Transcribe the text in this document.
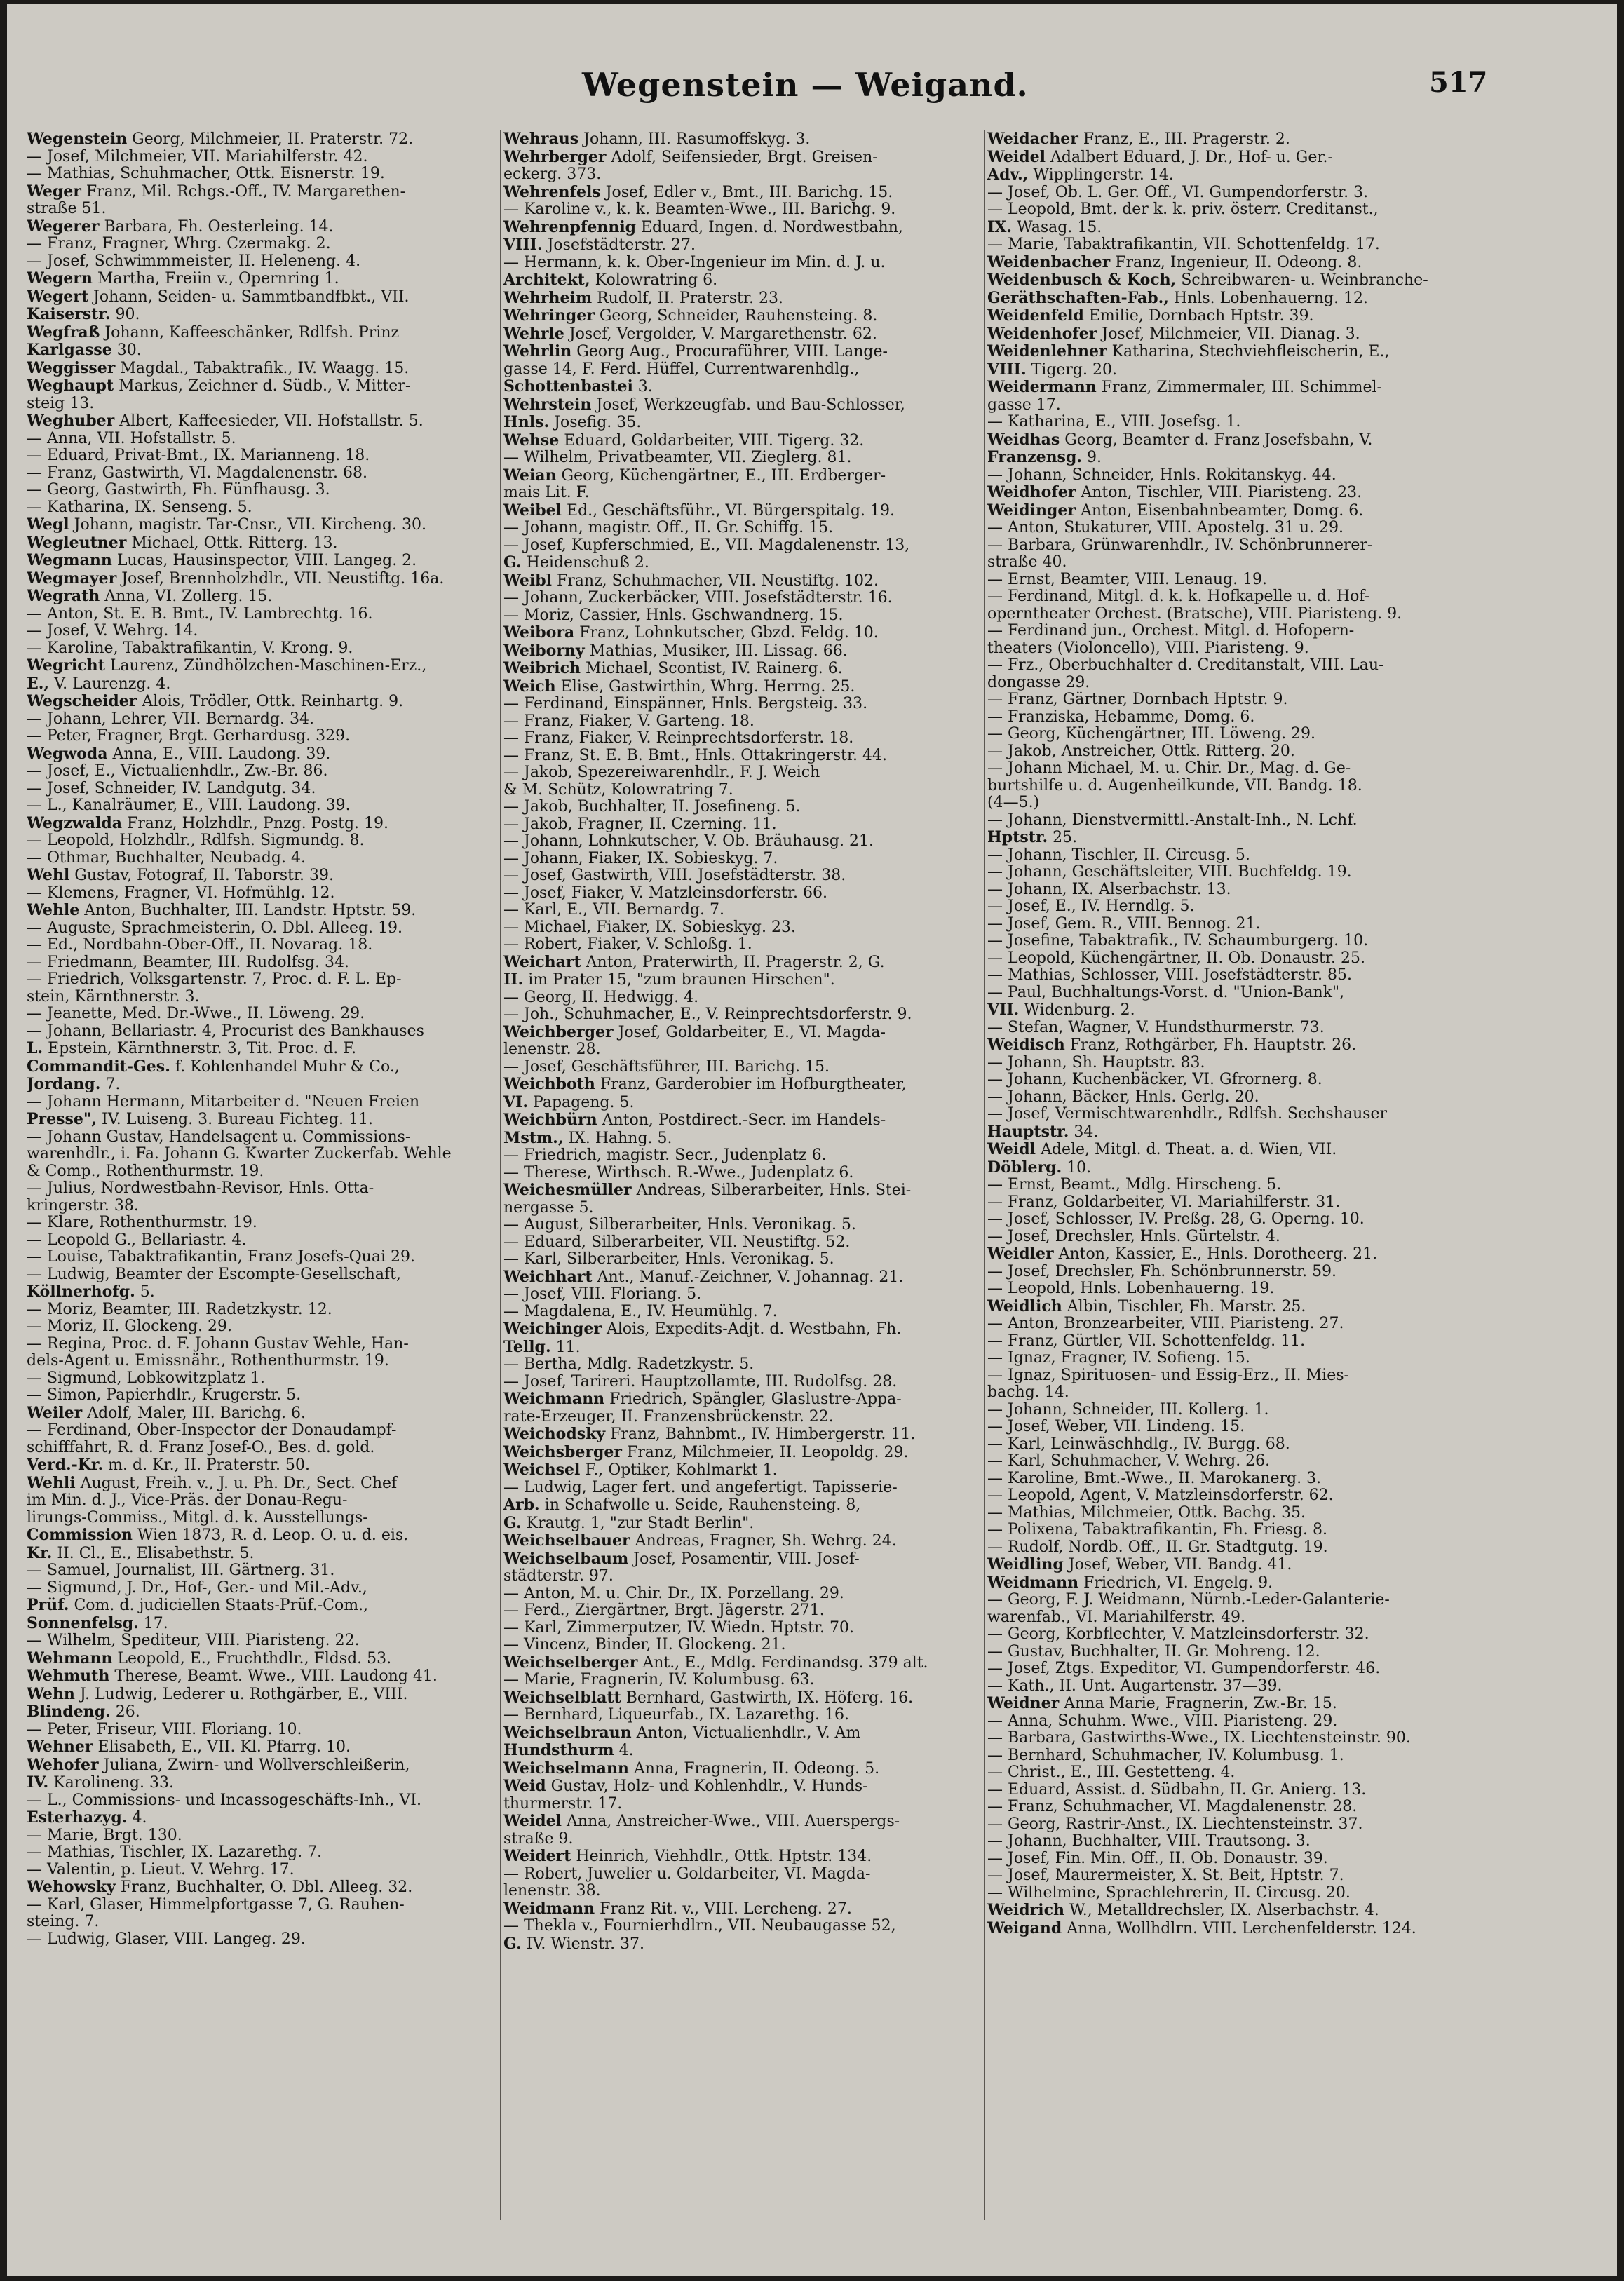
Wegenstein — Weigand.	517
Wegenstein Georg, Milchmeier, II. Praterstr. 72.
— Josef, Milchmeier, VII. Mariahilferstr. 42.
— Mathias, Schuhmacher, Ottk. Eisnerstr. 19.
Weger Franz, Mil. Rchgs.-Off., IV. Margarethen-
straße 51.
Wegerer Barbara, Fh. Oesterleing. 14.
— Franz, Fragner, Whrg. Czermakg. 2.
— Josef, Schwimmmeister, II. Heleneng. 4.
Wegern Martha, Freiin v., Opernring 1.
Wegert Johann, Seiden- u. Sammtbandfbkt., VII.
Kaiserstr. 90.
Wegfraß Johann, Kaffeeschänker, Rdlfsh. Prinz
Karlgasse 30.
Weggisser Magdal., Tabaktrafik., IV. Waagg. 15.
Weghaupt Markus, Zeichner d. Südb., V. Mitter-
steig 13.
Weghuber Albert, Kaffeesieder, VII. Hofstallstr. 5.
— Anna, VII. Hofstallstr. 5.
— Eduard, Privat-Bmt., IX. Marianneng. 18.
— Franz, Gastwirth, VI. Magdalenenstr. 68.
— Georg, Gastwirth, Fh. Fünfhausg. 3.
— Katharina, IX. Senseng. 5.
Wegl Johann, magistr. Tar-Cnsr., VII. Kircheng. 30.
Wegleutner Michael, Ottk. Ritterg. 13.
Wegmann Lucas, Hausinspector, VIII. Langeg. 2.
Wegmayer Josef, Brennholzhdlr., VII. Neustiftg. 16a.
Wegrath Anna, VI. Zollerg. 15.
— Anton, St. E. B. Bmt., IV. Lambrechtg. 16.
— Josef, V. Wehrg. 14.
— Karoline, Tabaktrafikantin, V. Krong. 9.
Wegricht Laurenz, Zündhölzchen-Maschinen-Erz.,
E., V. Laurenzg. 4.
Wegscheider Alois, Trödler, Ottk. Reinhartg. 9.
— Johann, Lehrer, VII. Bernardg. 34.
— Peter, Fragner, Brgt. Gerhardusg. 329.
Wegwoda Anna, E., VIII. Laudong. 39.
— Josef, E., Victualienhdlr., Zw.-Br. 86.
— Josef, Schneider, IV. Landgutg. 34.
— L., Kanalräumer, E., VIII. Laudong. 39.
Wegzwalda Franz, Holzhdlr., Pnzg. Postg. 19.
— Leopold, Holzhdlr., Rdlfsh. Sigmundg. 8.
— Othmar, Buchhalter, Neubadg. 4.
Wehl Gustav, Fotograf, II. Taborstr. 39.
— Klemens, Fragner, VI. Hofmühlg. 12.
Wehle Anton, Buchhalter, III. Landstr. Hptstr. 59.
— Auguste, Sprachmeisterin, O. Dbl. Alleeg. 19.
— Ed., Nordbahn-Ober-Off., II. Novarag. 18.
— Friedmann, Beamter, III. Rudolfsg. 34.
— Friedrich, Volksgartenstr. 7, Proc. d. F. L. Ep-
stein, Kärnthnerstr. 3.
— Jeanette, Med. Dr.-Wwe., II. Löweng. 29.
— Johann, Bellariastr. 4, Procurist des Bankhauses
L. Epstein, Kärnthnerstr. 3, Tit. Proc. d. F.
Commandit-Ges. f. Kohlenhandel Muhr & Co.,
Jordang. 7.
— Johann Hermann, Mitarbeiter d. "Neuen Freien
Presse", IV. Luiseng. 3. Bureau Fichteg. 11.
— Johann Gustav, Handelsagent u. Commissions-
warenhdlr., i. Fa. Johann G. Kwarter Zuckerfab. Wehle
& Comp., Rothenthurmstr. 19.
— Julius, Nordwestbahn-Revisor, Hnls. Otta-
kringerstr. 38.
— Klare, Rothenthurmstr. 19.
— Leopold G., Bellariastr. 4.
— Louise, Tabaktrafikantin, Franz Josefs-Quai 29.
— Ludwig, Beamter der Escompte-Gesellschaft,
Köllnerhofg. 5.
— Moriz, Beamter, III. Radetzkystr. 12.
— Moriz, II. Glockeng. 29.
— Regina, Proc. d. F. Johann Gustav Wehle, Han-
dels-Agent u. Emissnähr., Rothenthurmstr. 19.
— Sigmund, Lobkowitzplatz 1.
— Simon, Papierhdlr., Krugerstr. 5.
Weiler Adolf, Maler, III. Barichg. 6.
— Ferdinand, Ober-Inspector der Donaudampf-
schifffahrt, R. d. Franz Josef-O., Bes. d. gold.
Verd.-Kr. m. d. Kr., II. Praterstr. 50.
Wehli August, Freih. v., J. u. Ph. Dr., Sect. Chef
im Min. d. J., Vice-Präs. der Donau-Regu-
lirungs-Commiss., Mitgl. d. k. Ausstellungs-
Commission Wien 1873, R. d. Leop. O. u. d. eis.
Kr. II. Cl., E., Elisabethstr. 5.
— Samuel, Journalist, III. Gärtnerg. 31.
— Sigmund, J. Dr., Hof-, Ger.- und Mil.-Adv.,
Prüf. Com. d. judiciellen Staats-Prüf.-Com.,
Sonnenfelsg. 17.
— Wilhelm, Spediteur, VIII. Piaristeng. 22.
Wehmann Leopold, E., Fruchthdlr., Fldsd. 53.
Wehmuth Therese, Beamt. Wwe., VIII. Laudong 41.
Wehn J. Ludwig, Lederer u. Rothgärber, E., VIII.
Blindeng. 26.
— Peter, Friseur, VIII. Floriang. 10.
Wehner Elisabeth, E., VII. Kl. Pfarrg. 10.
Wehofer Juliana, Zwirn- und Wollverschleißerin,
IV. Karolineng. 33.
— L., Commissions- und Incassogeschäfts-Inh., VI.
Esterhazyg. 4.
— Marie, Brgt. 130.
— Mathias, Tischler, IX. Lazarethg. 7.
— Valentin, p. Lieut. V. Wehrg. 17.
Wehowsky Franz, Buchhalter, O. Dbl. Alleeg. 32.
— Karl, Glaser, Himmelpfortgasse 7, G. Rauhen-
steing. 7.
— Ludwig, Glaser, VIII. Langeg. 29.
Wehraus Johann, III. Rasumoffskyg. 3.
Wehrberger Adolf, Seifensieder, Brgt. Greisen-
eckerg. 373.
Wehrenfels Josef, Edler v., Bmt., III. Barichg. 15.
— Karoline v., k. k. Beamten-Wwe., III. Barichg. 9.
Wehrenpfennig Eduard, Ingen. d. Nordwestbahn,
VIII. Josefstädterstr. 27.
— Hermann, k. k. Ober-Ingenieur im Min. d. J. u.
Architekt, Kolowratring 6.
Wehrheim Rudolf, II. Praterstr. 23.
Wehringer Georg, Schneider, Rauhensteing. 8.
Wehrle Josef, Vergolder, V. Margarethenstr. 62.
Wehrlin Georg Aug., Procuraführer, VIII. Lange-
gasse 14, F. Ferd. Hüffel, Currentwarenhdlg.,
Schottenbastei 3.
Wehrstein Josef, Werkzeugfab. und Bau-Schlosser,
Hnls. Josefig. 35.
Wehse Eduard, Goldarbeiter, VIII. Tigerg. 32.
— Wilhelm, Privatbeamter, VII. Zieglerg. 81.
Weian Georg, Küchengärtner, E., III. Erdberger-
mais Lit. F.
Weibel Ed., Geschäftsführ., VI. Bürgerspitalg. 19.
— Johann, magistr. Off., II. Gr. Schiffg. 15.
— Josef, Kupferschmied, E., VII. Magdalenenstr. 13,
G. Heidenschuß 2.
Weibl Franz, Schuhmacher, VII. Neustiftg. 102.
— Johann, Zuckerbäcker, VIII. Josefstädterstr. 16.
— Moriz, Cassier, Hnls. Gschwandnerg. 15.
Weibora Franz, Lohnkutscher, Gbzd. Feldg. 10.
Weiborny Mathias, Musiker, III. Lissag. 66.
Weibrich Michael, Scontist, IV. Rainerg. 6.
Weich Elise, Gastwirthin, Whrg. Herrng. 25.
— Ferdinand, Einspänner, Hnls. Bergsteig. 33.
— Franz, Fiaker, V. Garteng. 18.
— Franz, Fiaker, V. Reinprechtsdorferstr. 18.
— Franz, St. E. B. Bmt., Hnls. Ottakringerstr. 44.
— Jakob, Spezereiwarenhdlr., F. J. Weich
& M. Schütz, Kolowratring 7.
— Jakob, Buchhalter, II. Josefineng. 5.
— Jakob, Fragner, II. Czerning. 11.
— Johann, Lohnkutscher, V. Ob. Bräuhausg. 21.
— Johann, Fiaker, IX. Sobieskyg. 7.
— Josef, Gastwirth, VIII. Josefstädterstr. 38.
— Josef, Fiaker, V. Matzleinsdorferstr. 66.
— Karl, E., VII. Bernardg. 7.
— Michael, Fiaker, IX. Sobieskyg. 23.
— Robert, Fiaker, V. Schloßg. 1.
Weichart Anton, Praterwirth, II. Pragerstr. 2, G.
II. im Prater 15, "zum braunen Hirschen".
— Georg, II. Hedwigg. 4.
— Joh., Schuhmacher, E., V. Reinprechtsdorferstr. 9.
Weichberger Josef, Goldarbeiter, E., VI. Magda-
lenenstr. 28.
— Josef, Geschäftsführer, III. Barichg. 15.
Weichboth Franz, Garderobier im Hofburgtheater,
VI. Papageng. 5.
Weichbürn Anton, Postdirect.-Secr. im Handels-
Mstm., IX. Hahng. 5.
— Friedrich, magistr. Secr., Judenplatz 6.
— Therese, Wirthsch. R.-Wwe., Judenplatz 6.
Weichesmüller Andreas, Silberarbeiter, Hnls. Stei-
nergasse 5.
— August, Silberarbeiter, Hnls. Veronikag. 5.
— Eduard, Silberarbeiter, VII. Neustiftg. 52.
— Karl, Silberarbeiter, Hnls. Veronikag. 5.
Weichhart Ant., Manuf.-Zeichner, V. Johannag. 21.
— Josef, VIII. Floriang. 5.
— Magdalena, E., IV. Heumühlg. 7.
Weichinger Alois, Expedits-Adjt. d. Westbahn, Fh.
Tellg. 11.
— Bertha, Mdlg. Radetzkystr. 5.
— Josef, Tarireri. Hauptzollamte, III. Rudolfsg. 28.
Weichmann Friedrich, Spängler, Glaslustre-Appa-
rate-Erzeuger, II. Franzensbrückenstr. 22.
Weichodsky Franz, Bahnbmt., IV. Himbergerstr. 11.
Weichsberger Franz, Milchmeier, II. Leopoldg. 29.
Weichsel F., Optiker, Kohlmarkt 1.
— Ludwig, Lager fert. und angefertigt. Tapisserie-
Arb. in Schafwolle u. Seide, Rauhensteing. 8,
G. Krautg. 1, "zur Stadt Berlin".
Weichselbauer Andreas, Fragner, Sh. Wehrg. 24.
Weichselbaum Josef, Posamentir, VIII. Josef-
städterstr. 97.
— Anton, M. u. Chir. Dr., IX. Porzellang. 29.
— Ferd., Ziergärtner, Brgt. Jägerstr. 271.
— Karl, Zimmerputzer, IV. Wiedn. Hptstr. 70.
— Vincenz, Binder, II. Glockeng. 21.
Weichselberger Ant., E., Mdlg. Ferdinandsg. 379 alt.
— Marie, Fragnerin, IV. Kolumbusg. 63.
Weichselblatt Bernhard, Gastwirth, IX. Höferg. 16.
— Bernhard, Liqueurfab., IX. Lazarethg. 16.
Weichselbraun Anton, Victualienhdlr., V. Am
Hundsthurm 4.
Weichselmann Anna, Fragnerin, II. Odeong. 5.
Weid Gustav, Holz- und Kohlenhdlr., V. Hunds-
thurmerstr. 17.
Weidel Anna, Anstreicher-Wwe., VIII. Auerspergs-
straße 9.
Weidert Heinrich, Viehhdlr., Ottk. Hptstr. 134.
— Robert, Juwelier u. Goldarbeiter, VI. Magda-
lenenstr. 38.
Weidmann Franz Rit. v., VIII. Lercheng. 27.
— Thekla v., Fournierhdlrn., VII. Neubaugasse 52,
G. IV. Wienstr. 37.
Weidacher Franz, E., III. Pragerstr. 2.
Weidel Adalbert Eduard, J. Dr., Hof- u. Ger.-
Adv., Wipplingerstr. 14.
— Josef, Ob. L. Ger. Off., VI. Gumpendorferstr. 3.
— Leopold, Bmt. der k. k. priv. österr. Creditanst.,
IX. Wasag. 15.
— Marie, Tabaktrafikantin, VII. Schottenfeldg. 17.
Weidenbacher Franz, Ingenieur, II. Odeong. 8.
Weidenbusch & Koch, Schreibwaren- u. Weinbranche-
Geräthschaften-Fab., Hnls. Lobenhauerng. 12.
Weidenfeld Emilie, Dornbach Hptstr. 39.
Weidenhofer Josef, Milchmeier, VII. Dianag. 3.
Weidenlehner Katharina, Stechviehfleischerin, E.,
VIII. Tigerg. 20.
Weidermann Franz, Zimmermaler, III. Schimmel-
gasse 17.
— Katharina, E., VIII. Josefsg. 1.
Weidhas Georg, Beamter d. Franz Josefsbahn, V.
Franzensg. 9.
— Johann, Schneider, Hnls. Rokitanskyg. 44.
Weidhofer Anton, Tischler, VIII. Piaristeng. 23.
Weidinger Anton, Eisenbahnbeamter, Domg. 6.
— Anton, Stukaturer, VIII. Apostelg. 31 u. 29.
— Barbara, Grünwarenhdlr., IV. Schönbrunnerer-
straße 40.
— Ernst, Beamter, VIII. Lenaug. 19.
— Ferdinand, Mitgl. d. k. k. Hofkapelle u. d. Hof-
operntheater Orchest. (Bratsche), VIII. Piaristeng. 9.
— Ferdinand jun., Orchest. Mitgl. d. Hofopern-
theaters (Violoncello), VIII. Piaristeng. 9.
— Frz., Oberbuchhalter d. Creditanstalt, VIII. Lau-
dongasse 29.
— Franz, Gärtner, Dornbach Hptstr. 9.
— Franziska, Hebamme, Domg. 6.
— Georg, Küchengärtner, III. Löweng. 29.
— Jakob, Anstreicher, Ottk. Ritterg. 20.
— Johann Michael, M. u. Chir. Dr., Mag. d. Ge-
burtshilfe u. d. Augenheilkunde, VII. Bandg. 18.
(4—5.)
— Johann, Dienstvermittl.-Anstalt-Inh., N. Lchf.
Hptstr. 25.
— Johann, Tischler, II. Circusg. 5.
— Johann, Geschäftsleiter, VIII. Buchfeldg. 19.
— Johann, IX. Alserbachstr. 13.
— Josef, E., IV. Herndlg. 5.
— Josef, Gem. R., VIII. Bennog. 21.
— Josefine, Tabaktrafik., IV. Schaumburgerg. 10.
— Leopold, Küchengärtner, II. Ob. Donaustr. 25.
— Mathias, Schlosser, VIII. Josefstädterstr. 85.
— Paul, Buchhaltungs-Vorst. d. "Union-Bank",
VII. Widenburg. 2.
— Stefan, Wagner, V. Hundsthurmerstr. 73.
Weidisch Franz, Rothgärber, Fh. Hauptstr. 26.
— Johann, Sh. Hauptstr. 83.
— Johann, Kuchenbäcker, VI. Gfrornerg. 8.
— Johann, Bäcker, Hnls. Gerlg. 20.
— Josef, Vermischtwarenhdlr., Rdlfsh. Sechshauser
Hauptstr. 34.
Weidl Adele, Mitgl. d. Theat. a. d. Wien, VII.
Döblerg. 10.
— Ernst, Beamt., Mdlg. Hirscheng. 5.
— Franz, Goldarbeiter, VI. Mariahilferstr. 31.
— Josef, Schlosser, IV. Preßg. 28, G. Operng. 10.
— Josef, Drechsler, Hnls. Gürtelstr. 4.
Weidler Anton, Kassier, E., Hnls. Dorotheerg. 21.
— Josef, Drechsler, Fh. Schönbrunnerstr. 59.
— Leopold, Hnls. Lobenhauerng. 19.
Weidlich Albin, Tischler, Fh. Marstr. 25.
— Anton, Bronzearbeiter, VIII. Piaristeng. 27.
— Franz, Gürtler, VII. Schottenfeldg. 11.
— Ignaz, Fragner, IV. Sofieng. 15.
— Ignaz, Spirituosen- und Essig-Erz., II. Mies-
bachg. 14.
— Johann, Schneider, III. Kollerg. 1.
— Josef, Weber, VII. Lindeng. 15.
— Karl, Leinwäschhdlg., IV. Burgg. 68.
— Karl, Schuhmacher, V. Wehrg. 26.
— Karoline, Bmt.-Wwe., II. Marokanerg. 3.
— Leopold, Agent, V. Matzleinsdorferstr. 62.
— Mathias, Milchmeier, Ottk. Bachg. 35.
— Polixena, Tabaktrafikantin, Fh. Friesg. 8.
— Rudolf, Nordb. Off., II. Gr. Stadtgutg. 19.
Weidling Josef, Weber, VII. Bandg. 41.
Weidmann Friedrich, VI. Engelg. 9.
— Georg, F. J. Weidmann, Nürnb.-Leder-Galanterie-
warenfab., VI. Mariahilferstr. 49.
— Georg, Korbflechter, V. Matzleinsdorferstr. 32.
— Gustav, Buchhalter, II. Gr. Mohreng. 12.
— Josef, Ztgs. Expeditor, VI. Gumpendorferstr. 46.
— Kath., II. Unt. Augartenstr. 37—39.
Weidner Anna Marie, Fragnerin, Zw.-Br. 15.
— Anna, Schuhm. Wwe., VIII. Piaristeng. 29.
— Barbara, Gastwirths-Wwe., IX. Liechtensteinstr. 90.
— Bernhard, Schuhmacher, IV. Kolumbusg. 1.
— Christ., E., III. Gestetteng. 4.
— Eduard, Assist. d. Südbahn, II. Gr. Anierg. 13.
— Franz, Schuhmacher, VI. Magdalenenstr. 28.
— Georg, Rastrir-Anst., IX. Liechtensteinstr. 37.
— Johann, Buchhalter, VIII. Trautsong. 3.
— Josef, Fin. Min. Off., II. Ob. Donaustr. 39.
— Josef, Maurermeister, X. St. Beit, Hptstr. 7.
— Wilhelmine, Sprachlehrerin, II. Circusg. 20.
Weidrich W., Metalldrechsler, IX. Alserbachstr. 4.
Weigand Anna, Wollhdlrn. VIII. Lerchenfelderstr. 124.
